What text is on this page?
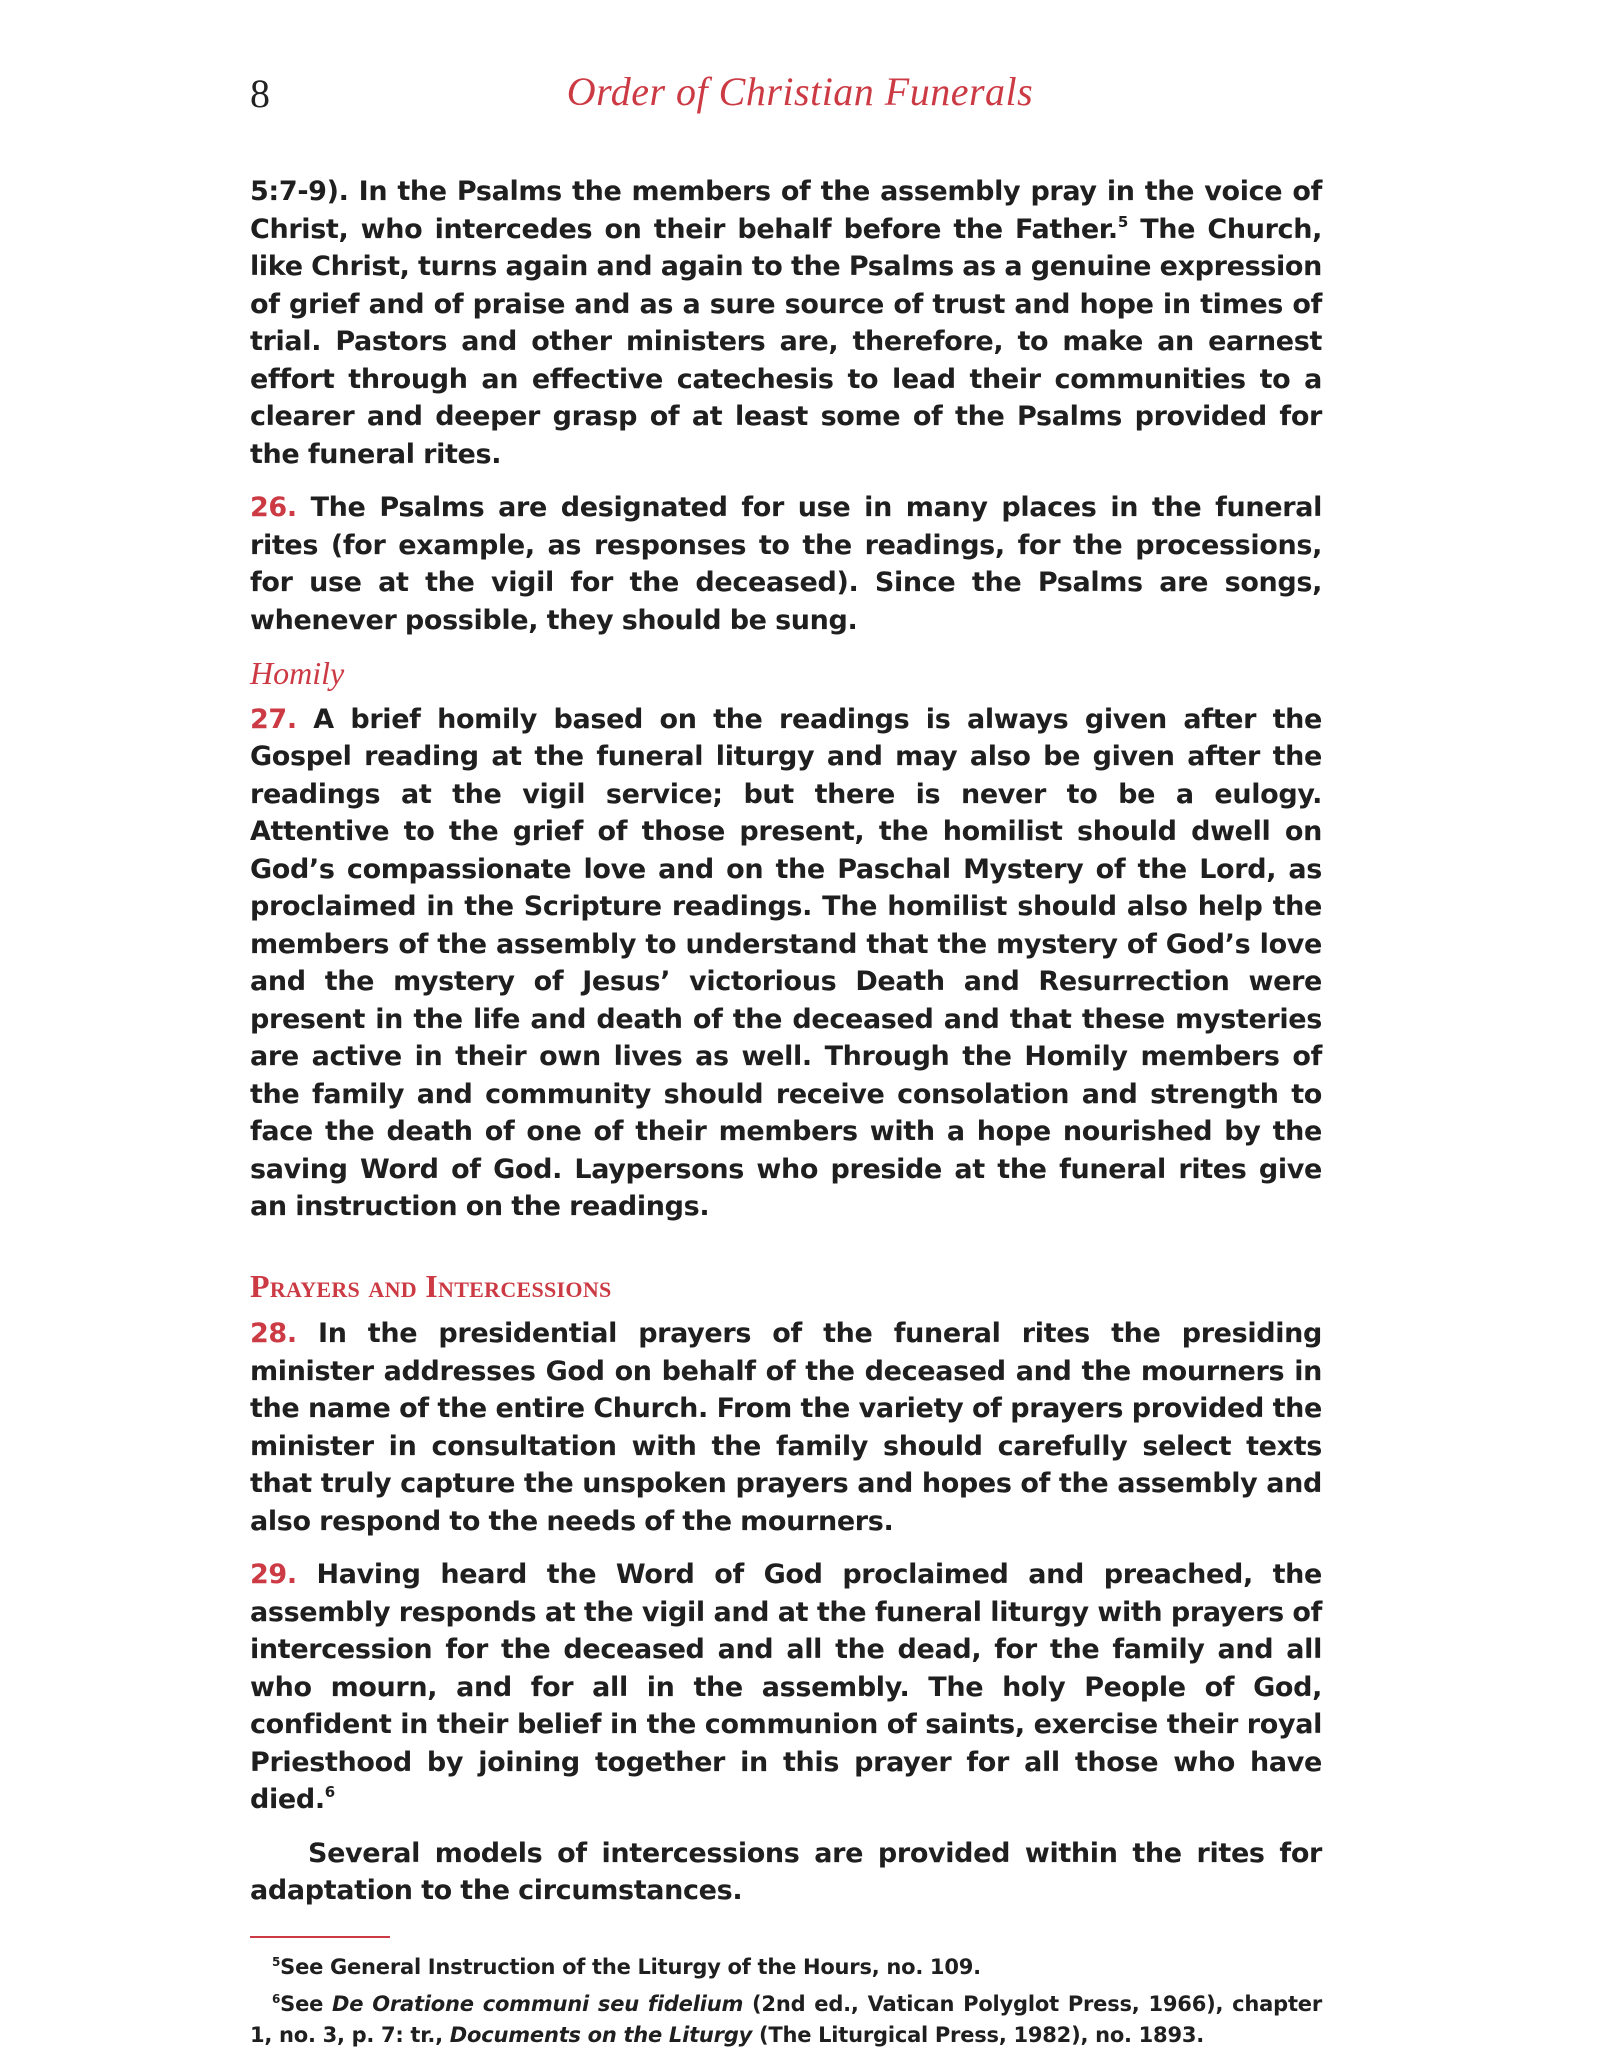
8	Order of Christian Funerals

5:7-9). In the Psalms the members of the assembly pray in the voice of Christ, who intercedes on their behalf before the Father.$^5$ The Church, like Christ, turns again and again to the Psalms as a genuine expression of grief and of praise and as a sure source of trust and hope in times of trial. Pastors and other ministers are, therefore, to make an earnest effort through an effective catechesis to lead their communities to a clearer and deeper grasp of at least some of the Psalms provided for the funeral rites.

26. The Psalms are designated for use in many places in the funeral rites (for example, as responses to the readings, for the processions, for use at the vigil for the deceased). Since the Psalms are songs, whenever possible, they should be sung.

Homily

27. A brief homily based on the readings is always given after the Gospel reading at the funeral liturgy and may also be given after the readings at the vigil service; but there is never to be a eulogy. Attentive to the grief of those present, the homilist should dwell on God’s compassionate love and on the Paschal Mystery of the Lord, as proclaimed in the Scripture readings. The homilist should also help the members of the assembly to understand that the mystery of God’s love and the mystery of Jesus’ victorious Death and Resurrection were present in the life and death of the deceased and that these mysteries are active in their own lives as well. Through the Homily members of the family and community should receive consolation and strength to face the death of one of their members with a hope nourished by the saving Word of God. Laypersons who preside at the funeral rites give an instruction on the readings.

Prayers and Intercessions

28. In the presidential prayers of the funeral rites the presiding minister addresses God on behalf of the deceased and the mourners in the name of the entire Church. From the variety of prayers provided the minister in consultation with the family should carefully select texts that truly capture the unspoken prayers and hopes of the assembly and also respond to the needs of the mourners.

29. Having heard the Word of God proclaimed and preached, the assembly responds at the vigil and at the funeral liturgy with prayers of intercession for the deceased and all the dead, for the family and all who mourn, and for all in the assembly. The holy People of God, confident in their belief in the communion of saints, exercise their royal Priesthood by joining together in this prayer for all those who have died.$^6$

Several models of intercessions are provided within the rites for adaptation to the circumstances.

$^5$See General Instruction of the Liturgy of the Hours, no. 109.

$^6$See De Oratione communi seu fidelium (2nd ed., Vatican Polyglot Press, 1966), chapter 1, no. 3, p. 7: tr., Documents on the Liturgy (The Liturgical Press, 1982), no. 1893.
